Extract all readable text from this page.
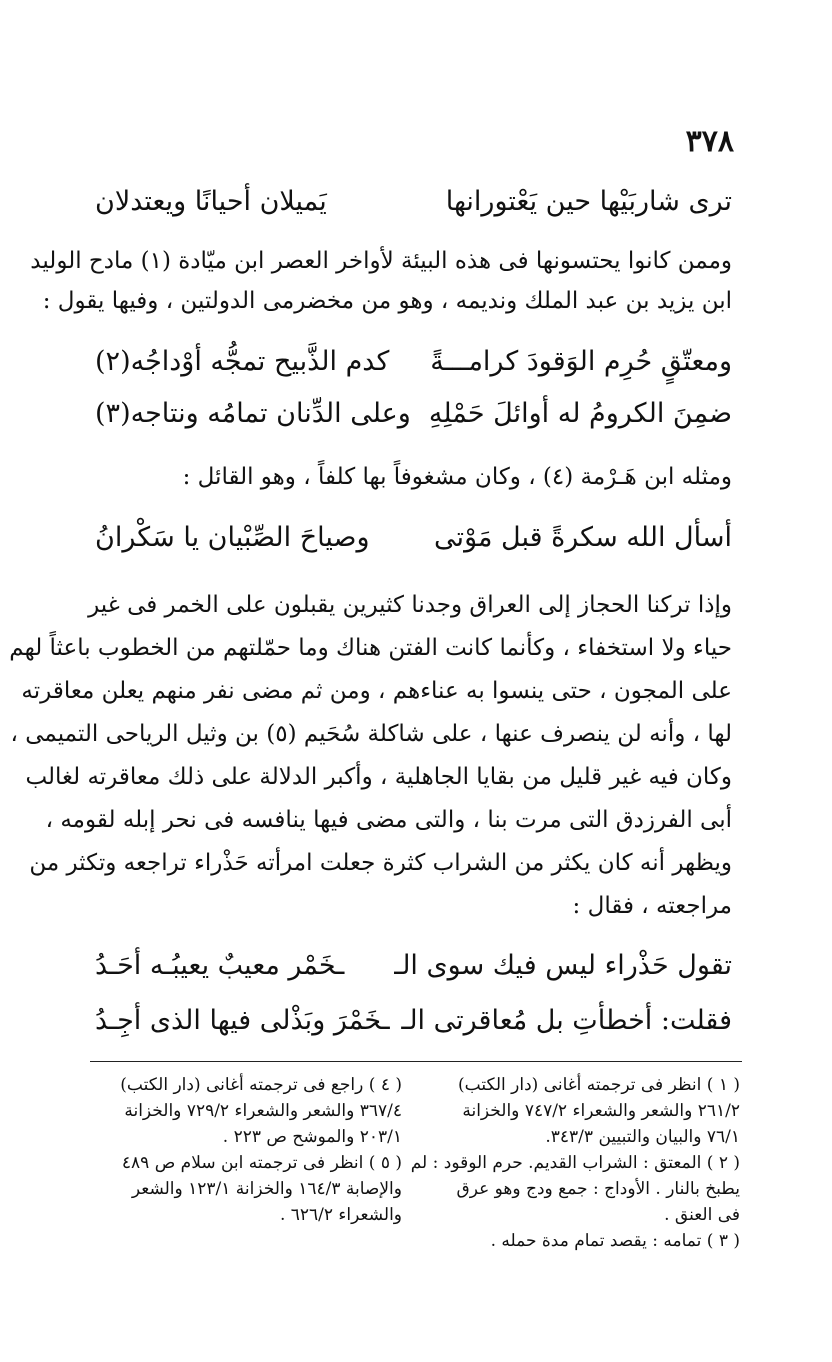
٣٧٨
ترى شاربَيْها حين يَعْتورانها
يَميلان أحيانًا ويعتدلان
وممن كانوا يحتسونها فى هذه البيئة لأواخر العصر ابن ميّادة (١) مادح الوليد
ابن يزيد بن عبد الملك ونديمه ، وهو من مخضرمى الدولتين ، وفيها يقول :
ومعتّقٍ حُرِم الوَقودَ كرامـــةً
كدم الذَّبيح تمجُّه أوْداجُه(٢)
ضمِنَ الكرومُ له أوائلَ حَمْلِهِ
وعلى الدِّنان تمامُه ونتاجه(٣)
ومثله ابن هَـرْمة (٤) ، وكان مشغوفاً بها كلفاً ، وهو القائل :
أسأل الله سكرةً قبل مَوْتى
وصياحَ الصِّبْيان يا سَكْرانُ
وإذا تركنا الحجاز إلى العراق وجدنا كثيرين يقبلون على الخمر فى غير
حياء ولا استخفاء ، وكأنما كانت الفتن هناك وما حمّلتهم من الخطوب باعثاً لهم
على المجون ، حتى ينسوا به عناءهم ، ومن ثم مضى نفر منهم يعلن معاقرته
لها ، وأنه لن ينصرف عنها ، على شاكلة سُحَيم (٥) بن وثيل الرياحى التميمى ،
وكان فيه غير قليل من بقايا الجاهلية ، وأكبر الدلالة على ذلك معاقرته لغالب
أبى الفرزدق التى مرت بنا ، والتى مضى فيها ينافسه فى نحر إبله لقومه ،
ويظهر أنه كان يكثر من الشراب كثرة جعلت امرأته حَذْراء تراجعه وتكثر من
مراجعته ، فقال :
تقول حَذْراء ليس فيك سوى الـ
ـخَمْر معيبٌ يعيبُـه أحَـدُ
فقلت: أخطأتِ بل مُعاقرتى الـ
ـخَمْرَ وبَذْلى فيها الذى أجِـدُ
( ١ ) انظر فى ترجمته أغانى (دار الكتب)
٢٦١/٢ والشعر والشعراء ٧٤٧/٢ والخزانة
٧٦/١ والبيان والتبيين ٣٤٣/٣.
( ٢ ) المعتق : الشراب القديم. حرم الوقود : لم
يطبخ بالنار . الأوداج : جمع ودج وهو عرق
فى العنق .
( ٣ ) تمامه : يقصد تمام مدة حمله .
( ٤ ) راجع فى ترجمته أغانى (دار الكتب)
٣٦٧/٤ والشعر والشعراء ٧٢٩/٢ والخزانة
٢٠٣/١ والموشح ص ٢٢٣ .
( ٥ ) انظر فى ترجمته ابن سلام ص ٤٨٩
والإصابة ١٦٤/٣ والخزانة ١٢٣/١ والشعر
والشعراء ٦٢٦/٢ .
